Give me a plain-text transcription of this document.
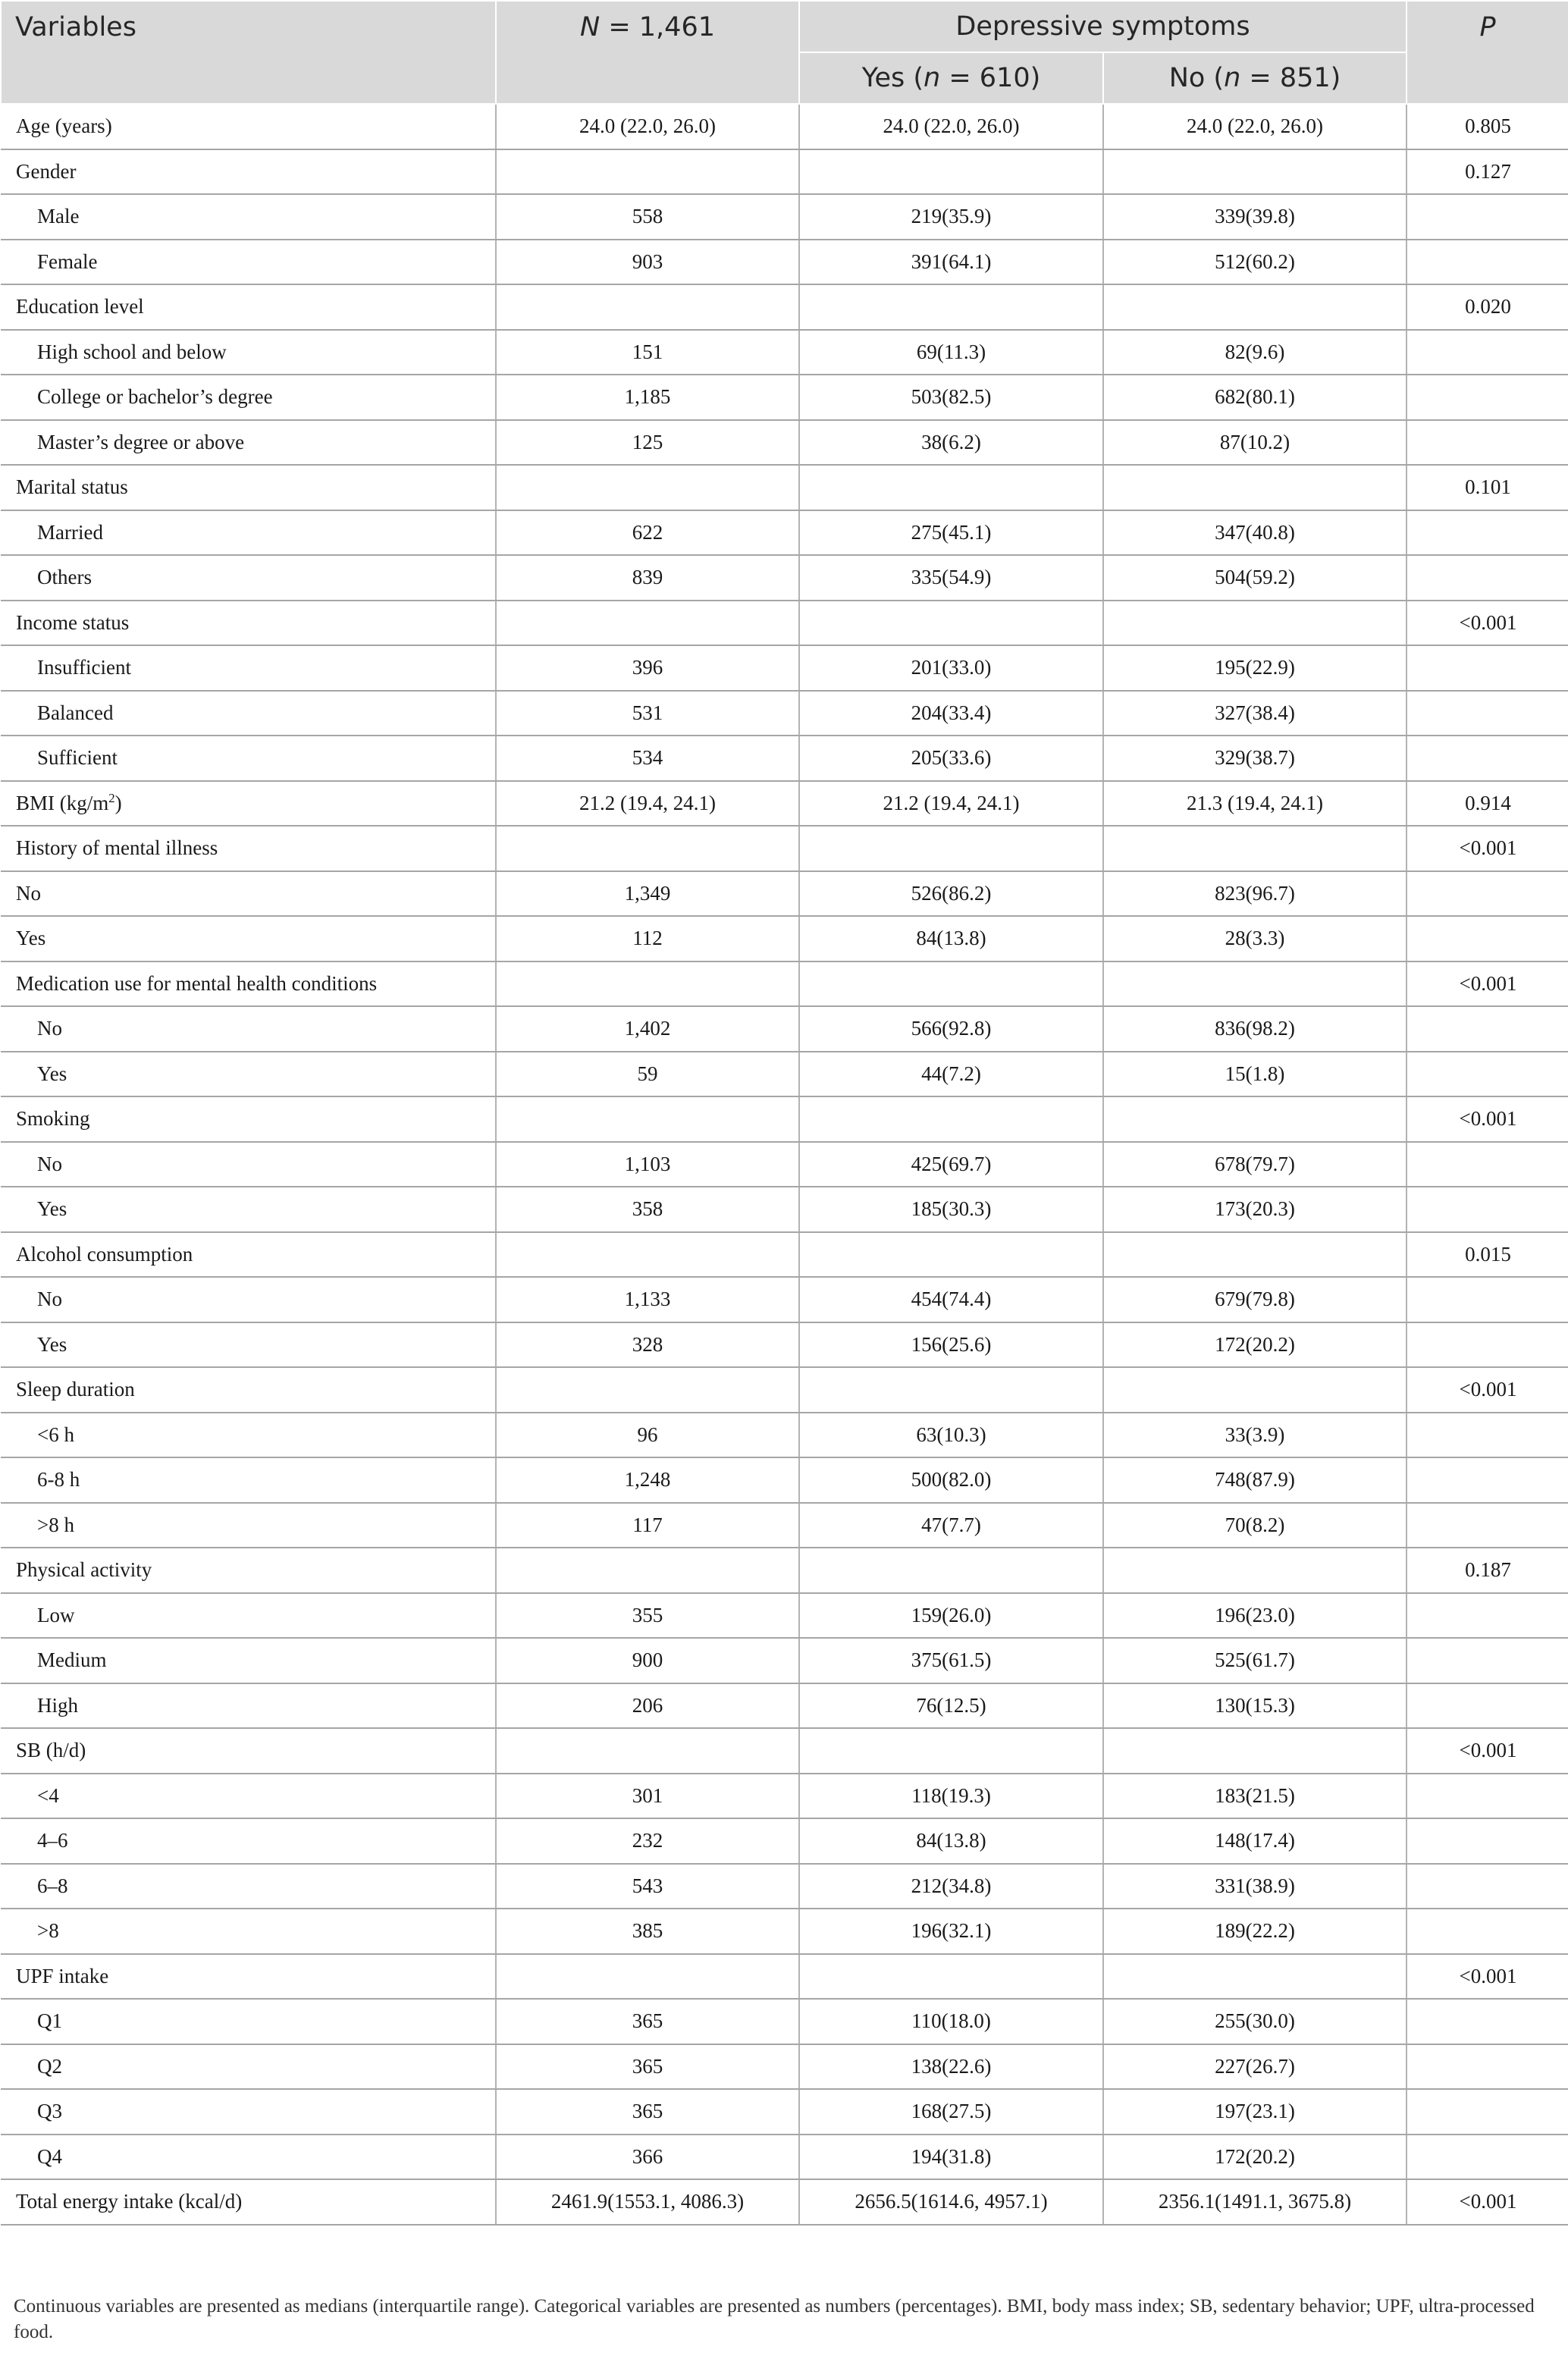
Variables	N = 1,461	Depressive symptoms		P
		Yes (n = 610)	No (n = 851)	
Age (years)	24.0 (22.0, 26.0)	24.0 (22.0, 26.0)	24.0 (22.0, 26.0)	0.805
Gender				0.127
Male	558	219(35.9)	339(39.8)	
Female	903	391(64.1)	512(60.2)	
Education level				0.020
High school and below	151	69(11.3)	82(9.6)	
College or bachelor’s degree	1,185	503(82.5)	682(80.1)	
Master’s degree or above	125	38(6.2)	87(10.2)	
Marital status				0.101
Married	622	275(45.1)	347(40.8)	
Others	839	335(54.9)	504(59.2)	
Income status				<0.001
Insufficient	396	201(33.0)	195(22.9)	
Balanced	531	204(33.4)	327(38.4)	
Sufficient	534	205(33.6)	329(38.7)	
BMI $(kg/m^2)$	21.2 (19.4, 24.1)	21.2 (19.4, 24.1)	21.3 (19.4, 24.1)	0.914
History of mental illness				<0.001
No	1,349	526(86.2)	823(96.7)	
Yes	112	84(13.8)	28(3.3)	
Medication use for mental health conditions				<0.001
No	1,402	566(92.8)	836(98.2)	
Yes	59	44(7.2)	15(1.8)	
Smoking				<0.001
No	1,103	425(69.7)	678(79.7)	
Yes	358	185(30.3)	173(20.3)	
Alcohol consumption				0.015
No	1,133	454(74.4)	679(79.8)	
Yes	328	156(25.6)	172(20.2)	
Sleep duration				<0.001
<6 h	96	63(10.3)	33(3.9)	
6-8 h	1,248	500(82.0)	748(87.9)	
>8 h	117	47(7.7)	70(8.2)	
Physical activity				0.187
Low	355	159(26.0)	196(23.0)	
Medium	900	375(61.5)	525(61.7)	
High	206	76(12.5)	130(15.3)	
SB (h/d)				<0.001
<4	301	118(19.3)	183(21.5)	
4–6	232	84(13.8)	148(17.4)	
6–8	543	212(34.8)	331(38.9)	
>8	385	196(32.1)	189(22.2)	
UPF intake				<0.001
Q1	365	110(18.0)	255(30.0)	
Q2	365	138(22.6)	227(26.7)	
Q3	365	168(27.5)	197(23.1)	
Q4	366	194(31.8)	172(20.2)	
Total energy intake (kcal/d)	2461.9(1553.1, 4086.3)	2656.5(1614.6, 4957.1)	2356.1(1491.1, 3675.8)	<0.001
Continuous variables are presented as medians (interquartile range). Categorical variables are presented as numbers (percentages). BMI, body mass index; SB, sedentary behavior; UPF, ultra-processed food.
